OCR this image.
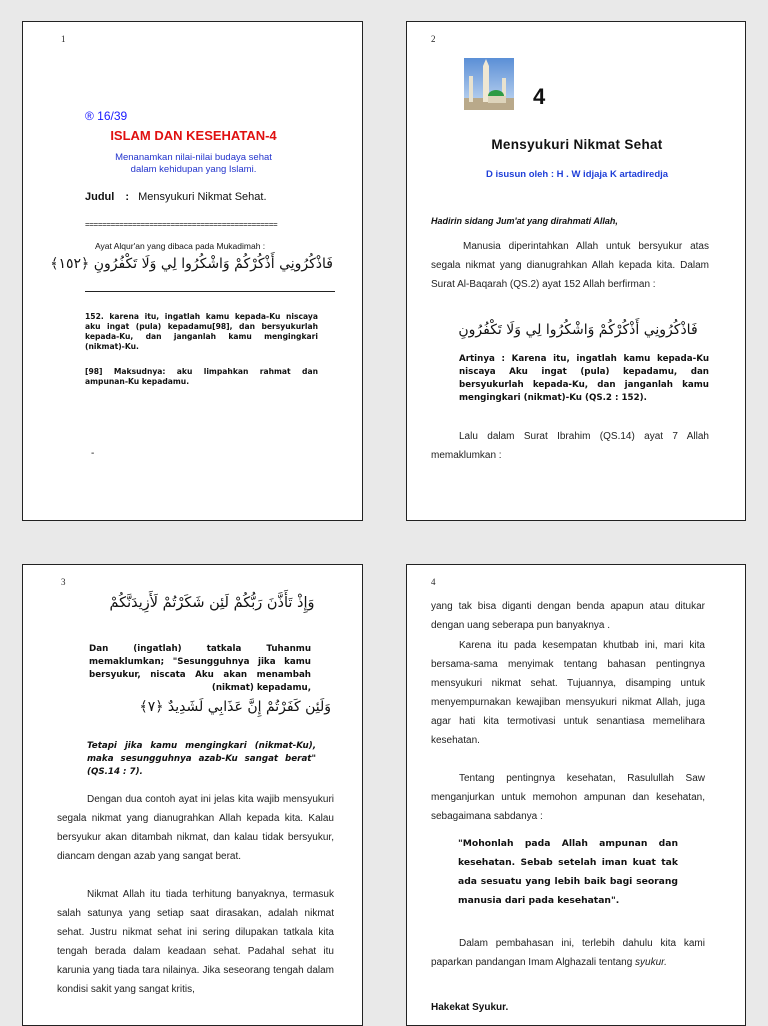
1
® 16/39
ISLAM DAN KESEHATAN-4
Menanamkan nilai-nilai budaya sehat
dalam kehidupan yang Islami.
Judul : Mensyukuri Nikmat Sehat.
=============================================
Ayat Alqur'an yang dibaca pada Mukadimah :
فَاذْكُرُونِي أَذْكُرْكُمْ وَاشْكُرُوا لِي وَلَا تَكْفُرُونِ ﴿١٥٢﴾
152. karena itu, ingatlah kamu kepada-Ku niscaya aku ingat (pula) kepadamu[98], dan bersyukurlah kepada-Ku, dan janganlah kamu mengingkari (nikmat)-Ku.
[98] Maksudnya: aku limpahkan rahmat dan ampunan-Ku kepadamu.
-
2
4
Mensyukuri Nikmat Sehat
D isusun oleh : H . W idjaja K artadiredja
Hadirin sidang Jum'at yang dirahmati Allah,
Manusia diperintahkan Allah untuk bersyukur atas segala nikmat yang dianugrahkan Allah kepada kita. Dalam Surat Al-Baqarah (QS.2) ayat 152 Allah berfirman :
فَاذْكُرُونِي أَذْكُرْكُمْ وَاشْكُرُوا لِي وَلَا تَكْفُرُونِ
Artinya : Karena itu, ingatlah kamu kepada-Ku niscaya Aku ingat (pula) kepadamu, dan bersyukurlah kepada-Ku, dan janganlah kamu mengingkari (nikmat)-Ku (QS.2 : 152).
Lalu dalam Surat Ibrahim (QS.14) ayat 7 Allah memaklumkan :
3
وَإِذْ تَأَذَّنَ رَبُّكُمْ لَئِن شَكَرْتُمْ لَأَزِيدَنَّكُمْ
Dan (ingatlah) tatkala Tuhanmu memaklumkan; "Sesungguhnya jika kamu bersyukur, niscata Aku akan menambah (nikmat) kepadamu,
وَلَئِن كَفَرْتُمْ إِنَّ عَذَابِي لَشَدِيدٌ ﴿٧﴾
Tetapi jika kamu mengingkari (nikmat-Ku), maka sesungguhnya azab-Ku sangat berat" (QS.14 : 7).
Dengan dua contoh ayat ini jelas kita wajib mensyukuri segala nikmat yang dianugrahkan Allah kepada kita. Kalau bersyukur akan ditambah nikmat, dan kalau tidak bersyukur, diancam dengan azab yang sangat berat.
Nikmat Allah itu tiada terhitung banyaknya, termasuk salah satunya yang setiap saat dirasakan, adalah nikmat sehat. Justru nikmat sehat ini sering dilupakan tatkala kita tengah berada dalam keadaan sehat. Padahal sehat itu karunia yang tiada tara nilainya. Jika seseorang tengah dalam kondisi sakit yang sangat kritis,
4
yang tak bisa diganti dengan benda apapun atau ditukar dengan uang seberapa pun banyaknya .
Karena itu pada kesempatan khutbab ini, mari kita bersama-sama menyimak tentang bahasan pentingnya mensyukuri nikmat sehat. Tujuannya, disamping untuk menyempurnakan kewajiban mensyukuri nikmat Allah, juga agar hati kita termotivasi untuk senantiasa memelihara kesehatan.
Tentang pentingnya kesehatan, Rasulullah Saw menganjurkan untuk memohon ampunan dan kesehatan, sebagaimana sabdanya :
"Mohonlah pada Allah ampunan dan kesehatan. Sebab setelah iman kuat tak ada sesuatu yang lebih baik bagi seorang manusia dari pada kesehatan".
Dalam pembahasan ini, terlebih dahulu kita kami paparkan pandangan Imam Alghazali tentang syukur.
Hakekat Syukur.
